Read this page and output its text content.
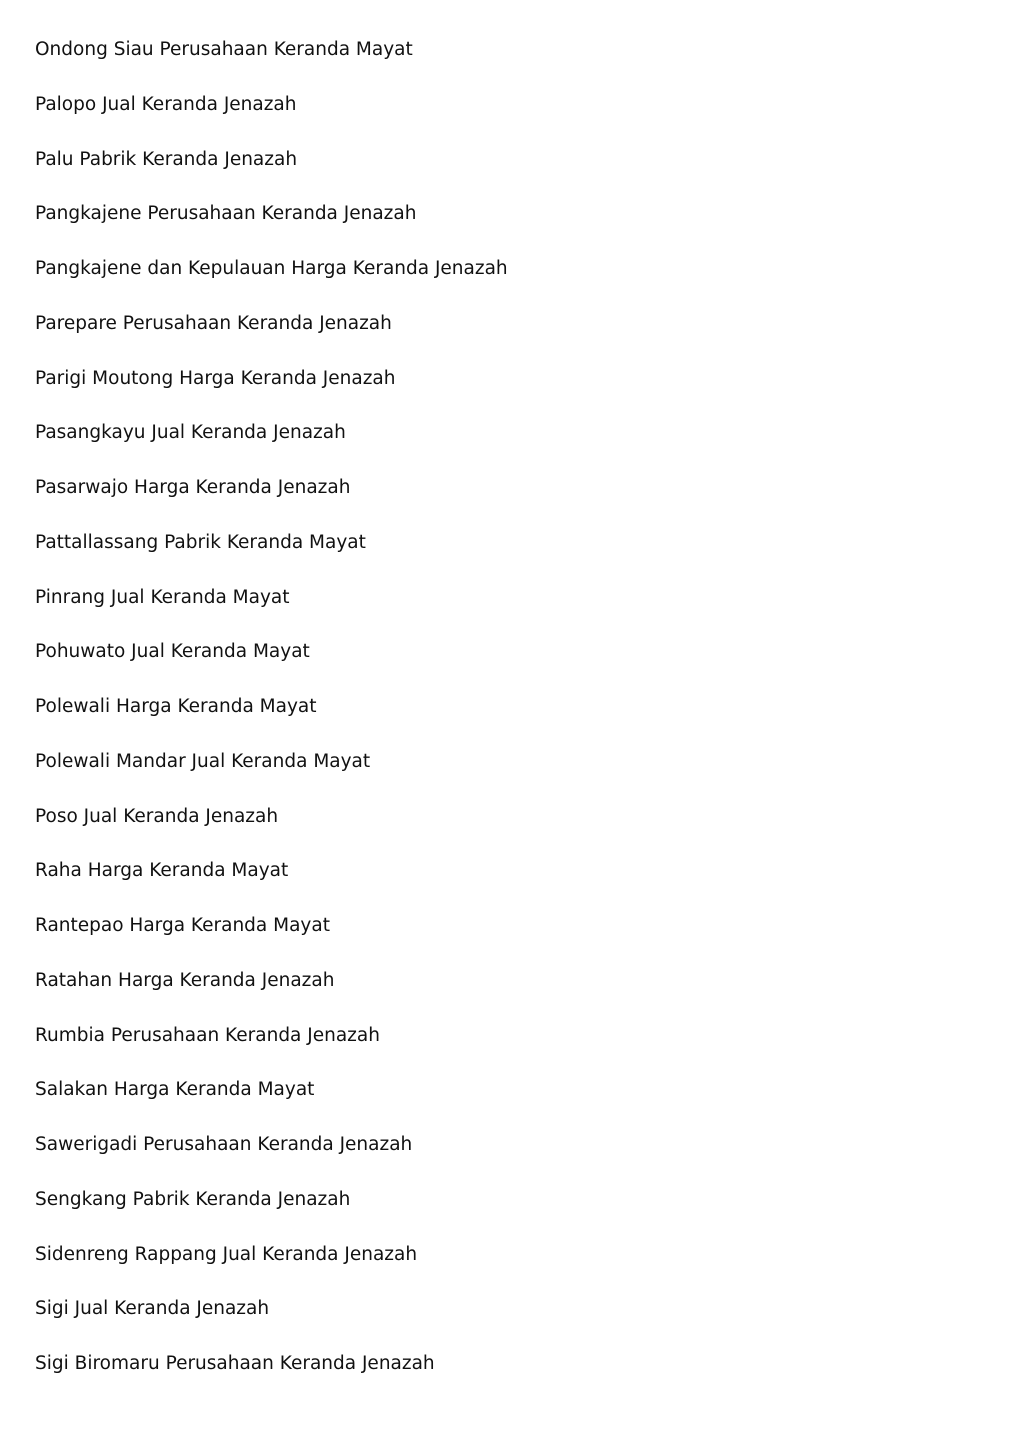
Ondong Siau Perusahaan Keranda Mayat
Palopo Jual Keranda Jenazah
Palu Pabrik Keranda Jenazah
Pangkajene Perusahaan Keranda Jenazah
Pangkajene dan Kepulauan Harga Keranda Jenazah
Parepare Perusahaan Keranda Jenazah
Parigi Moutong Harga Keranda Jenazah
Pasangkayu Jual Keranda Jenazah
Pasarwajo Harga Keranda Jenazah
Pattallassang Pabrik Keranda Mayat
Pinrang Jual Keranda Mayat
Pohuwato Jual Keranda Mayat
Polewali Harga Keranda Mayat
Polewali Mandar Jual Keranda Mayat
Poso Jual Keranda Jenazah
Raha Harga Keranda Mayat
Rantepao Harga Keranda Mayat
Ratahan Harga Keranda Jenazah
Rumbia Perusahaan Keranda Jenazah
Salakan Harga Keranda Mayat
Sawerigadi Perusahaan Keranda Jenazah
Sengkang Pabrik Keranda Jenazah
Sidenreng Rappang Jual Keranda Jenazah
Sigi Jual Keranda Jenazah
Sigi Biromaru Perusahaan Keranda Jenazah
